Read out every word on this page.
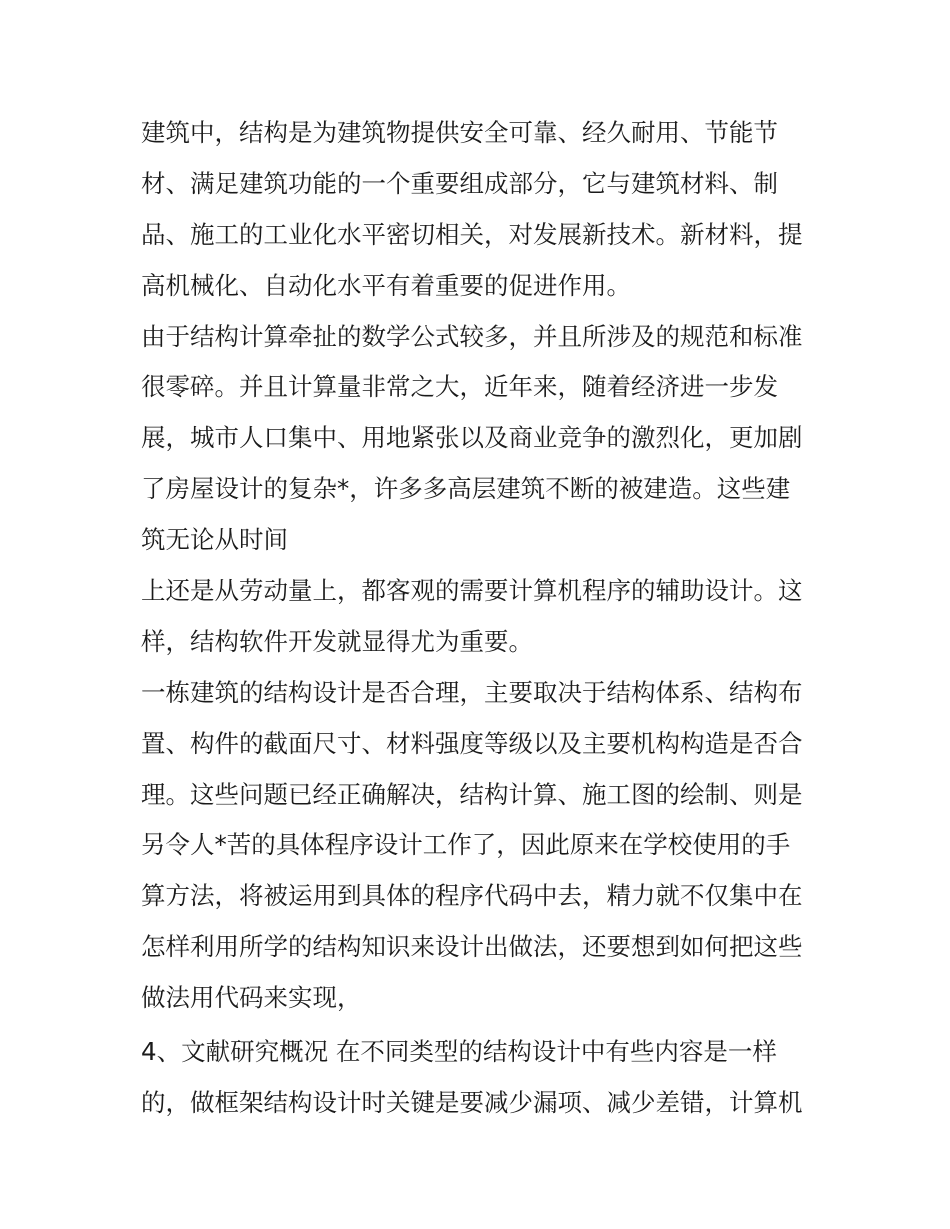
建筑中，结构是为建筑物提供安全可靠、经久耐用、节能节
材、满足建筑功能的一个重要组成部分，它与建筑材料、制
品、施工的工业化水平密切相关，对发展新技术。新材料，提
高机械化、自动化水平有着重要的促进作用。
由于结构计算牵扯的数学公式较多，并且所涉及的规范和标准
很零碎。并且计算量非常之大，近年来，随着经济进一步发
展，城市人口集中、用地紧张以及商业竞争的激烈化，更加剧
了房屋设计的复杂*，许多多高层建筑不断的被建造。这些建
筑无论从时间
上还是从劳动量上，都客观的需要计算机程序的辅助设计。这
样，结构软件开发就显得尤为重要。
一栋建筑的结构设计是否合理，主要取决于结构体系、结构布
置、构件的截面尺寸、材料强度等级以及主要机构构造是否合
理。这些问题已经正确解决，结构计算、施工图的绘制、则是
另令人*苦的具体程序设计工作了，因此原来在学校使用的手
算方法，将被运用到具体的程序代码中去，精力就不仅集中在
怎样利用所学的结构知识来设计出做法，还要想到如何把这些
做法用代码来实现，
4、文献研究概况 在不同类型的结构设计中有些内容是一样
的，做框架结构设计时关键是要减少漏项、减少差错，计算机
